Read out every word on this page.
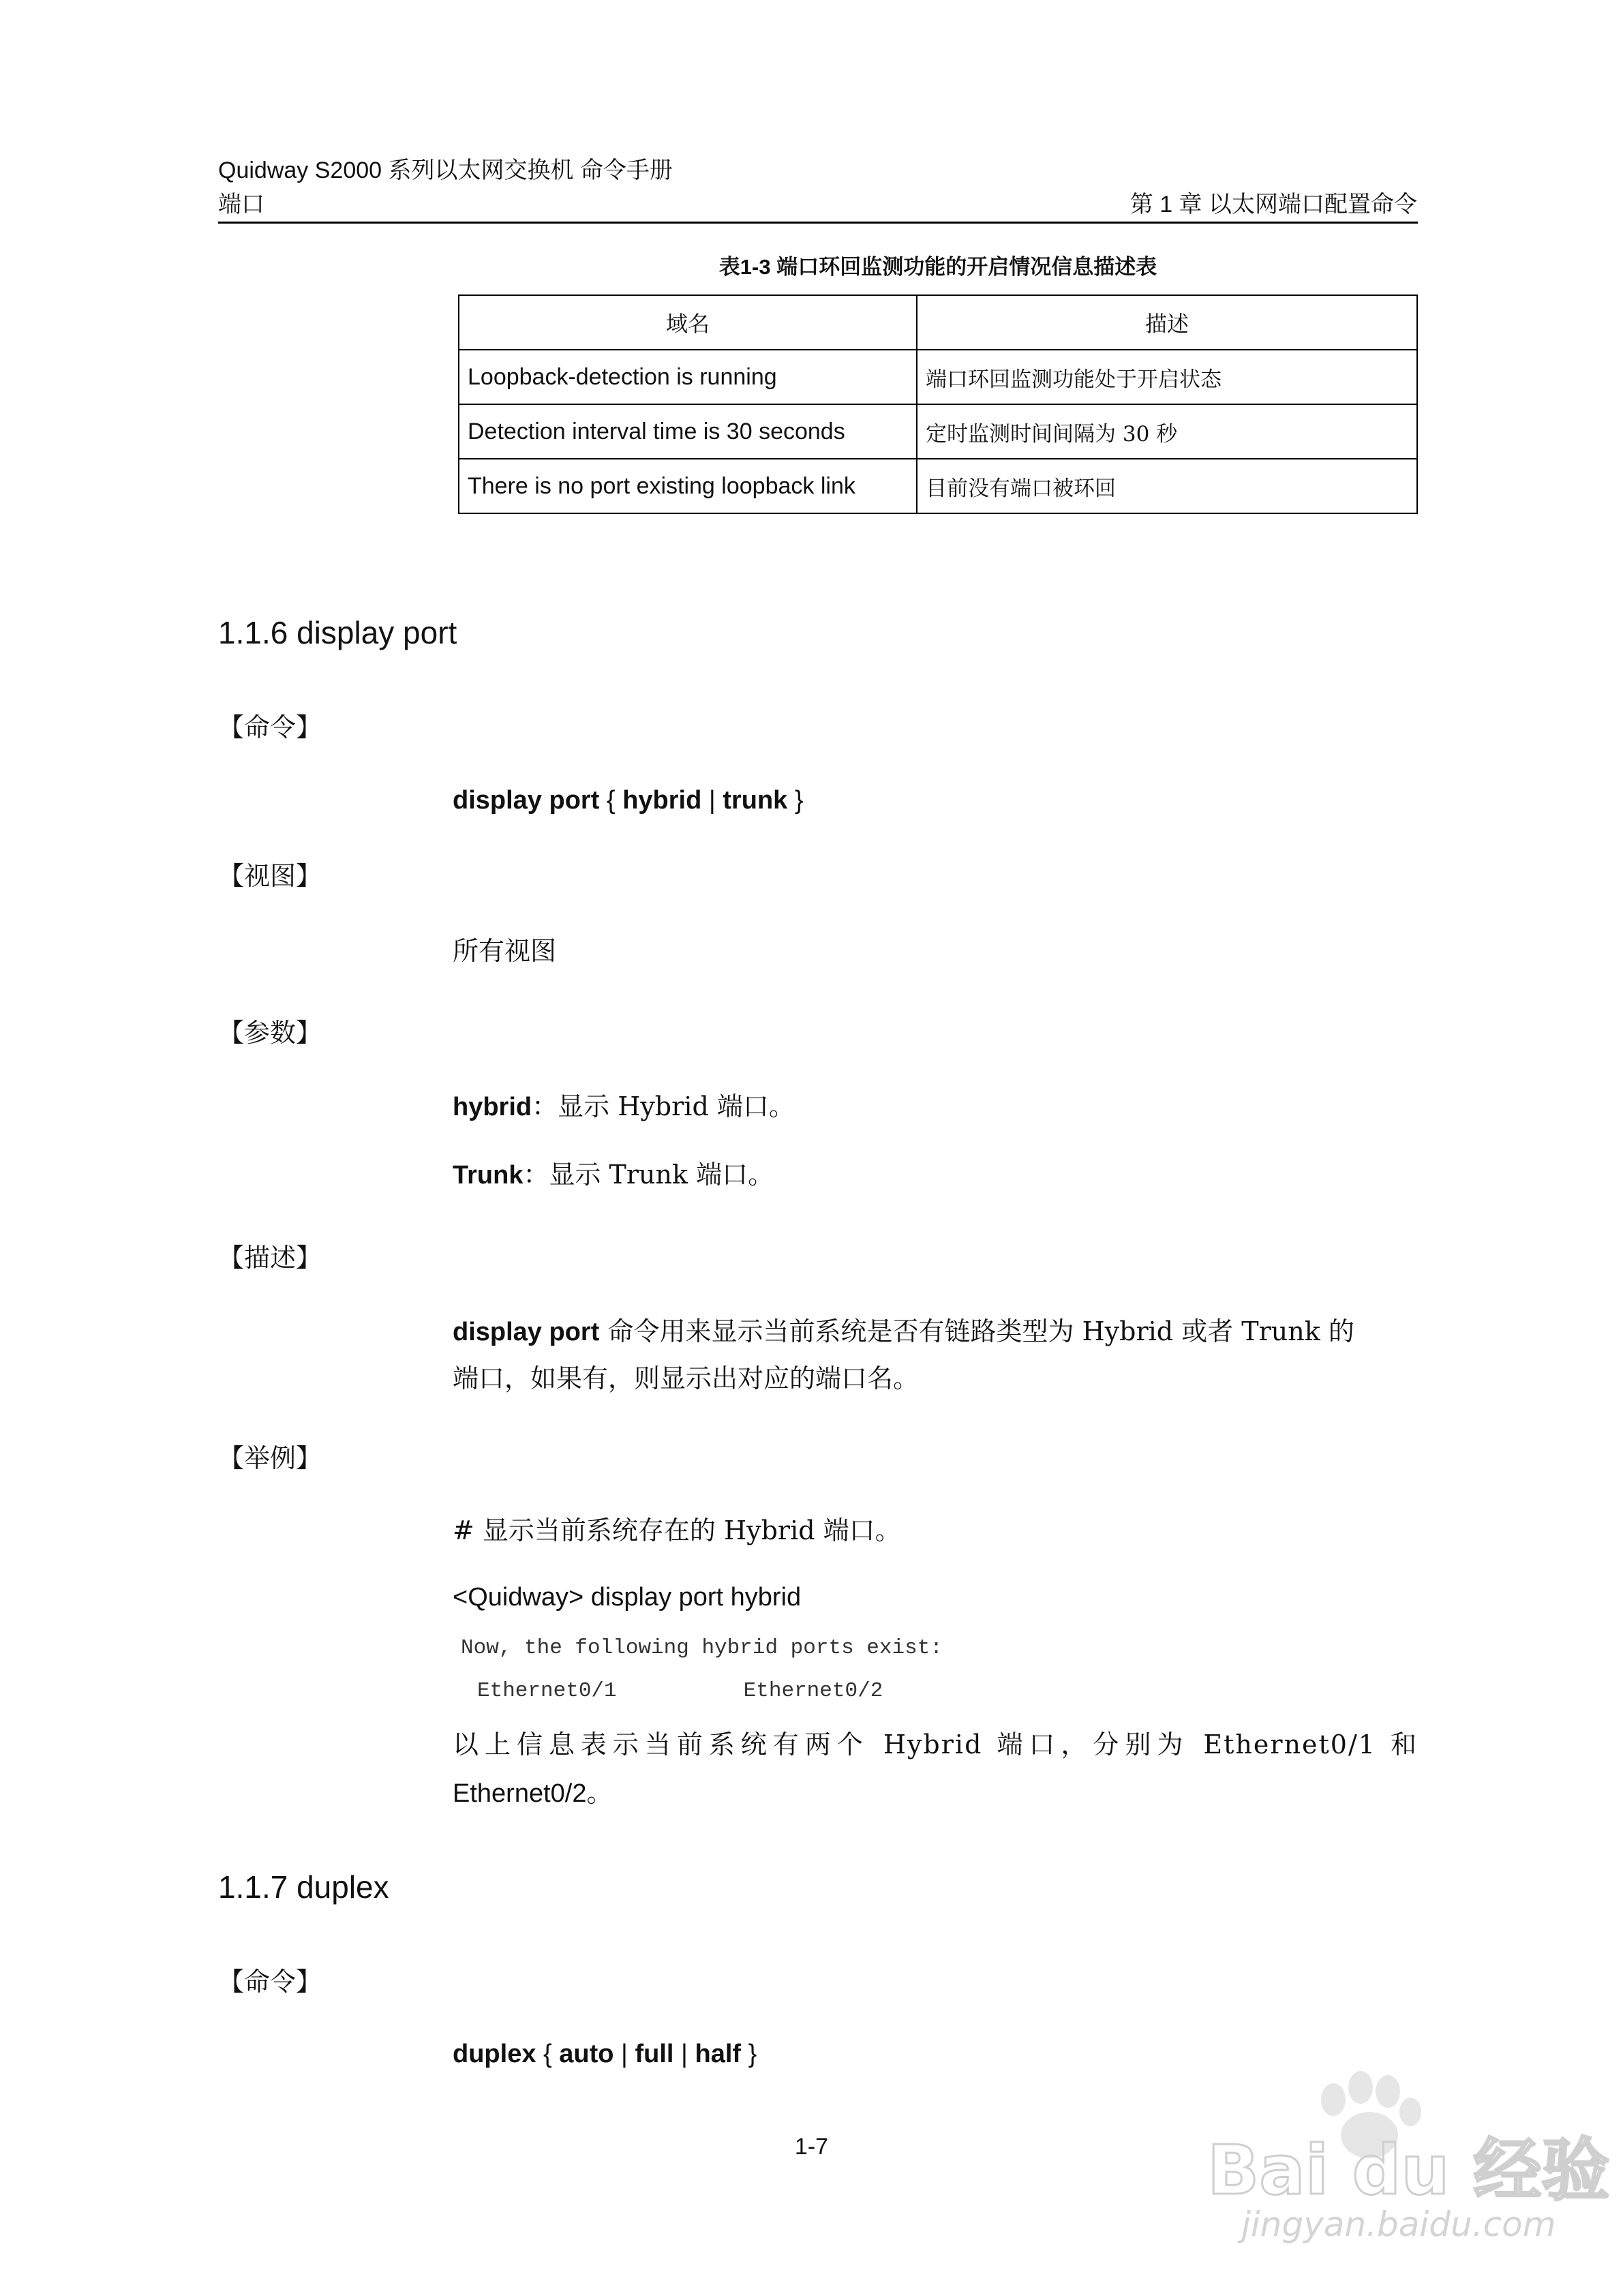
Quidway S2000 系列以太网交换机 命令手册
端口	第 1 章 以太网端口配置命令
表1-3 端口环回监测功能的开启情况信息描述表
域名	描述
Loopback-detection is running	端口环回监测功能处于开启状态
Detection interval time is 30 seconds	定时监测时间间隔为 30 秒
There is no port existing loopback link	目前没有端口被环回
1.1.6 display port
【命令】
display port { hybrid | trunk }
【视图】
所有视图
【参数】
hybrid：显示 Hybrid 端口。
Trunk：显示 Trunk 端口。
【描述】
display port 命令用来显示当前系统是否有链路类型为 Hybrid 或者 Trunk 的
端口，如果有，则显示出对应的端口名。
【举例】
# 显示当前系统存在的 Hybrid 端口。
<Quidway> display port hybrid
Now, the following hybrid ports exist:
Ethernet0/1          Ethernet0/2
以上信息表示当前系统有两个 Hybrid 端口，分别为 Ethernet0/1 和
Ethernet0/2。
1.1.7 duplex
【命令】
duplex { auto | full | half }
1-7	Bai du 经验
jingyan.baidu.com
